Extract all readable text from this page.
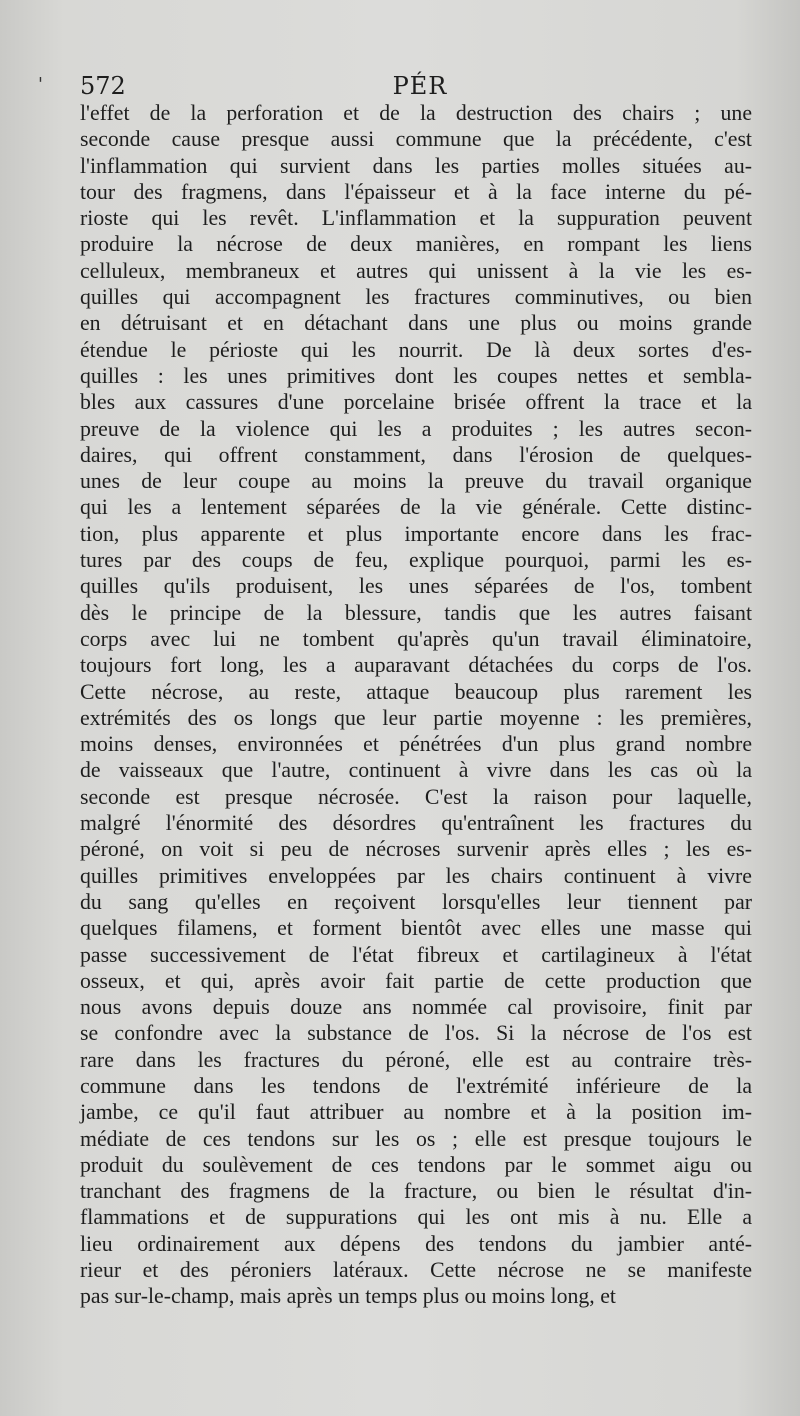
' 572	PÉR
l'effet de la perforation et de la destruction des chairs ; une
seconde cause presque aussi commune que la précédente, c'est
l'inflammation qui survient dans les parties molles situées au-
tour des fragmens, dans l'épaisseur et à la face interne du pé-
rioste qui les revêt. L'inflammation et la suppuration peuvent
produire la nécrose de deux manières, en rompant les liens
celluleux, membraneux et autres qui unissent à la vie les es-
quilles qui accompagnent les fractures comminutives, ou bien
en détruisant et en détachant dans une plus ou moins grande
étendue le périoste qui les nourrit. De là deux sortes d'es-
quilles : les unes primitives dont les coupes nettes et sembla-
bles aux cassures d'une porcelaine brisée offrent la trace et la
preuve de la violence qui les a produites ; les autres secon-
daires, qui offrent constamment, dans l'érosion de quelques-
unes de leur coupe au moins la preuve du travail organique
qui les a lentement séparées de la vie générale. Cette distinc-
tion, plus apparente et plus importante encore dans les frac-
tures par des coups de feu, explique pourquoi, parmi les es-
quilles qu'ils produisent, les unes séparées de l'os, tombent
dès le principe de la blessure, tandis que les autres faisant
corps avec lui ne tombent qu'après qu'un travail éliminatoire,
toujours fort long, les a auparavant détachées du corps de l'os.
Cette nécrose, au reste, attaque beaucoup plus rarement les
extrémités des os longs que leur partie moyenne : les premières,
moins denses, environnées et pénétrées d'un plus grand nombre
de vaisseaux que l'autre, continuent à vivre dans les cas où la
seconde est presque nécrosée. C'est la raison pour laquelle,
malgré l'énormité des désordres qu'entraînent les fractures du
péroné, on voit si peu de nécroses survenir après elles ; les es-
quilles primitives enveloppées par les chairs continuent à vivre
du sang qu'elles en reçoivent lorsqu'elles leur tiennent par
quelques filamens, et forment bientôt avec elles une masse qui
passe successivement de l'état fibreux et cartilagineux à l'état
osseux, et qui, après avoir fait partie de cette production que
nous avons depuis douze ans nommée cal provisoire, finit par
se confondre avec la substance de l'os. Si la nécrose de l'os est
rare dans les fractures du péroné, elle est au contraire très-
commune dans les tendons de l'extrémité inférieure de la
jambe, ce qu'il faut attribuer au nombre et à la position im-
médiate de ces tendons sur les os ; elle est presque toujours le
produit du soulèvement de ces tendons par le sommet aigu ou
tranchant des fragmens de la fracture, ou bien le résultat d'in-
flammations et de suppurations qui les ont mis à nu. Elle a
lieu ordinairement aux dépens des tendons du jambier anté-
rieur et des péroniers latéraux. Cette nécrose ne se manifeste
pas sur-le-champ, mais après un temps plus ou moins long, et
